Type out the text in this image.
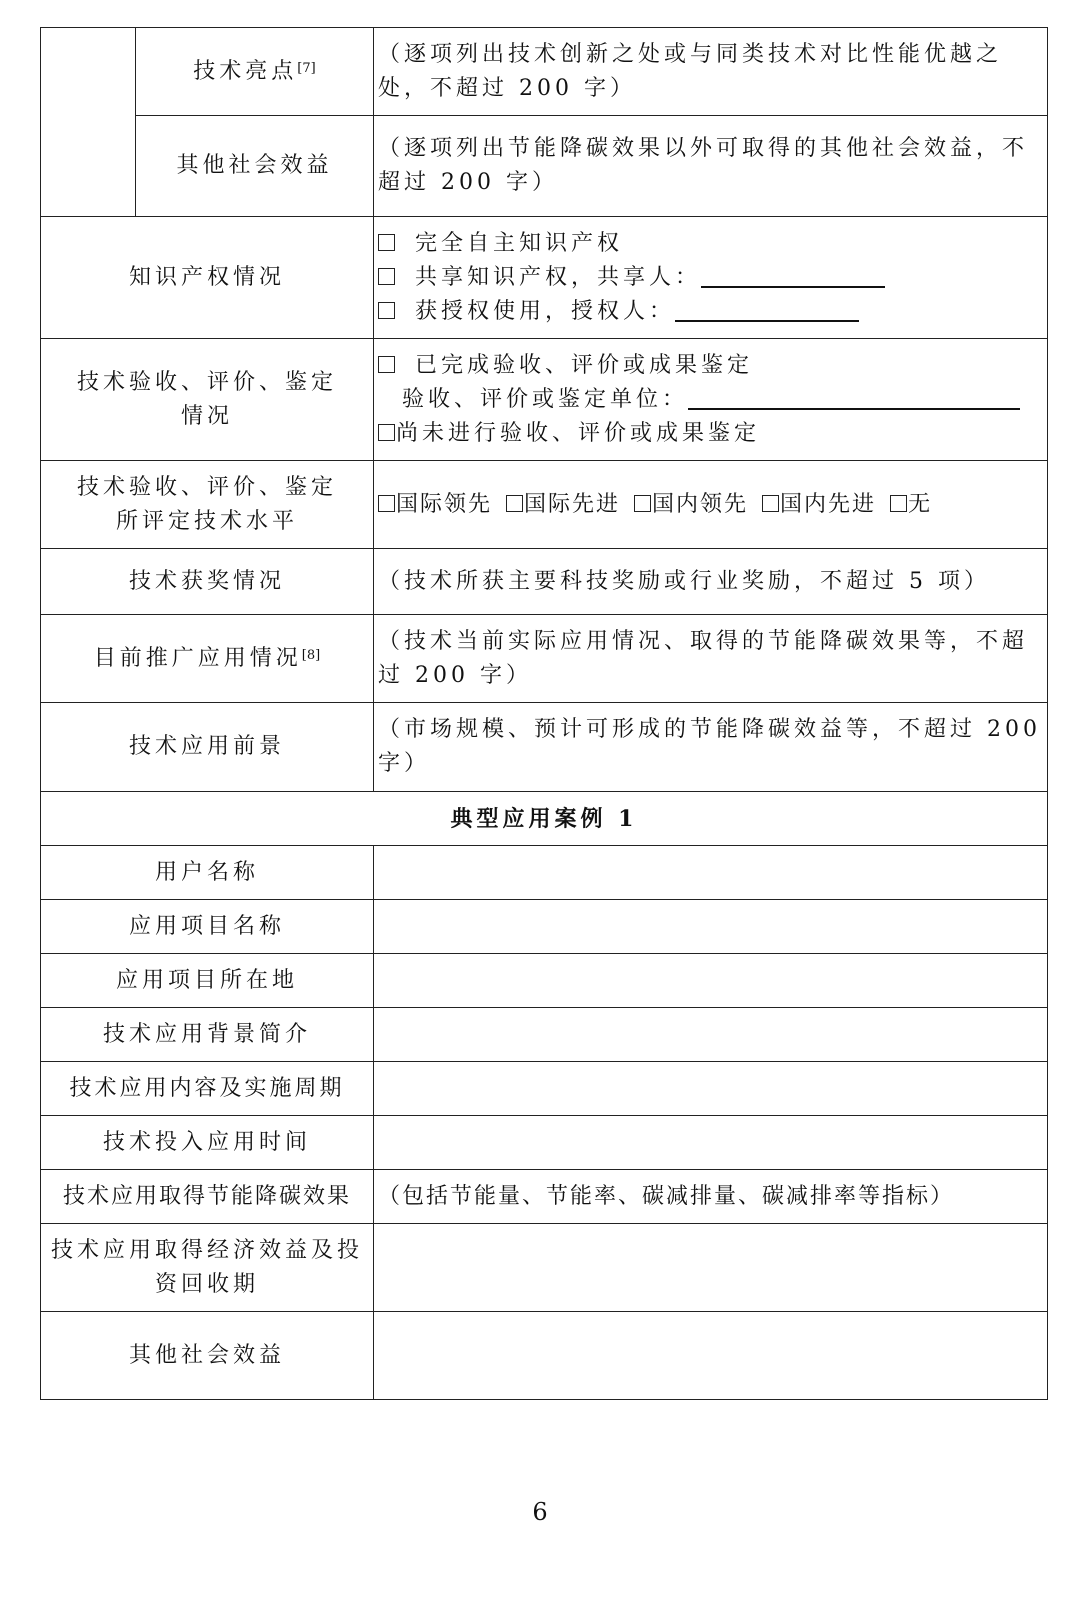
	技术亮点[7]	（逐项列出技术创新之处或与同类技术对比性能优越之处，不超过 200 字）
	其他社会效益	（逐项列出节能降碳效果以外可取得的其他社会效益，不超过 200 字）
知识产权情况		完全自主知识产权
共享知识产权，共享人：
获授权使用，授权人：

技术验收、评价、鉴定
情况		已完成验收、评价或成果鉴定
验收、评价或鉴定单位：
尚未进行验收、评价或成果鉴定

技术验收、评价、鉴定
所评定技术水平		国际领先 国际先进 国内领先 国内先进 无
技术获奖情况		（技术所获主要科技奖励或行业奖励，不超过 5 项）
目前推广应用情况[8]		（技术当前实际应用情况、取得的节能降碳效果等，不超过 200 字）
技术应用前景		（市场规模、预计可形成的节能降碳效益等，不超过 200 字）
典型应用案例 1		
用户名称		
应用项目名称		
应用项目所在地		
技术应用背景简介		
技术应用内容及实施周期		
技术投入应用时间		
技术应用取得节能降碳效果		（包括节能量、节能率、碳减排量、碳减排率等指标）
技术应用取得经济效益及投资回收期		
其他社会效益		
6
